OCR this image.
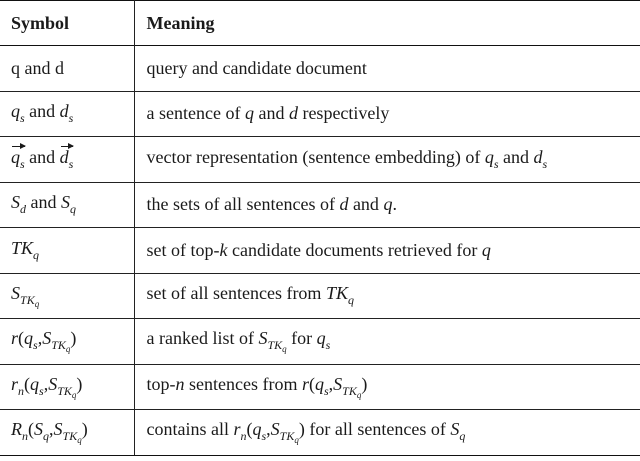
Symbol	Meaning
q and d	query and candidate document
$q_s$ and $d_s$	a sentence of q and d respectively
$q_s$ and $d_s$	vector representation (sentence embedding) of $q_s$ and $d_s$
$S_d$ and $S_q$	the sets of all sentences of d and q.
$TK_q$	set of top-k candidate documents retrieved for q
$S_{TK_q}$	set of all sentences from $TK_q$
$r(q_s,S_{TK_q})$	a ranked list of $S_{TK_q}$ for $q_s$
$r_n(q_s,S_{TK_q})$	top-n sentences from $r(q_s,S_{TK_q})$
$R_n(S_q,S_{TK_q})$	contains all $r_n(q_s,S_{TK_q})$ for all sentences of $S_q$
